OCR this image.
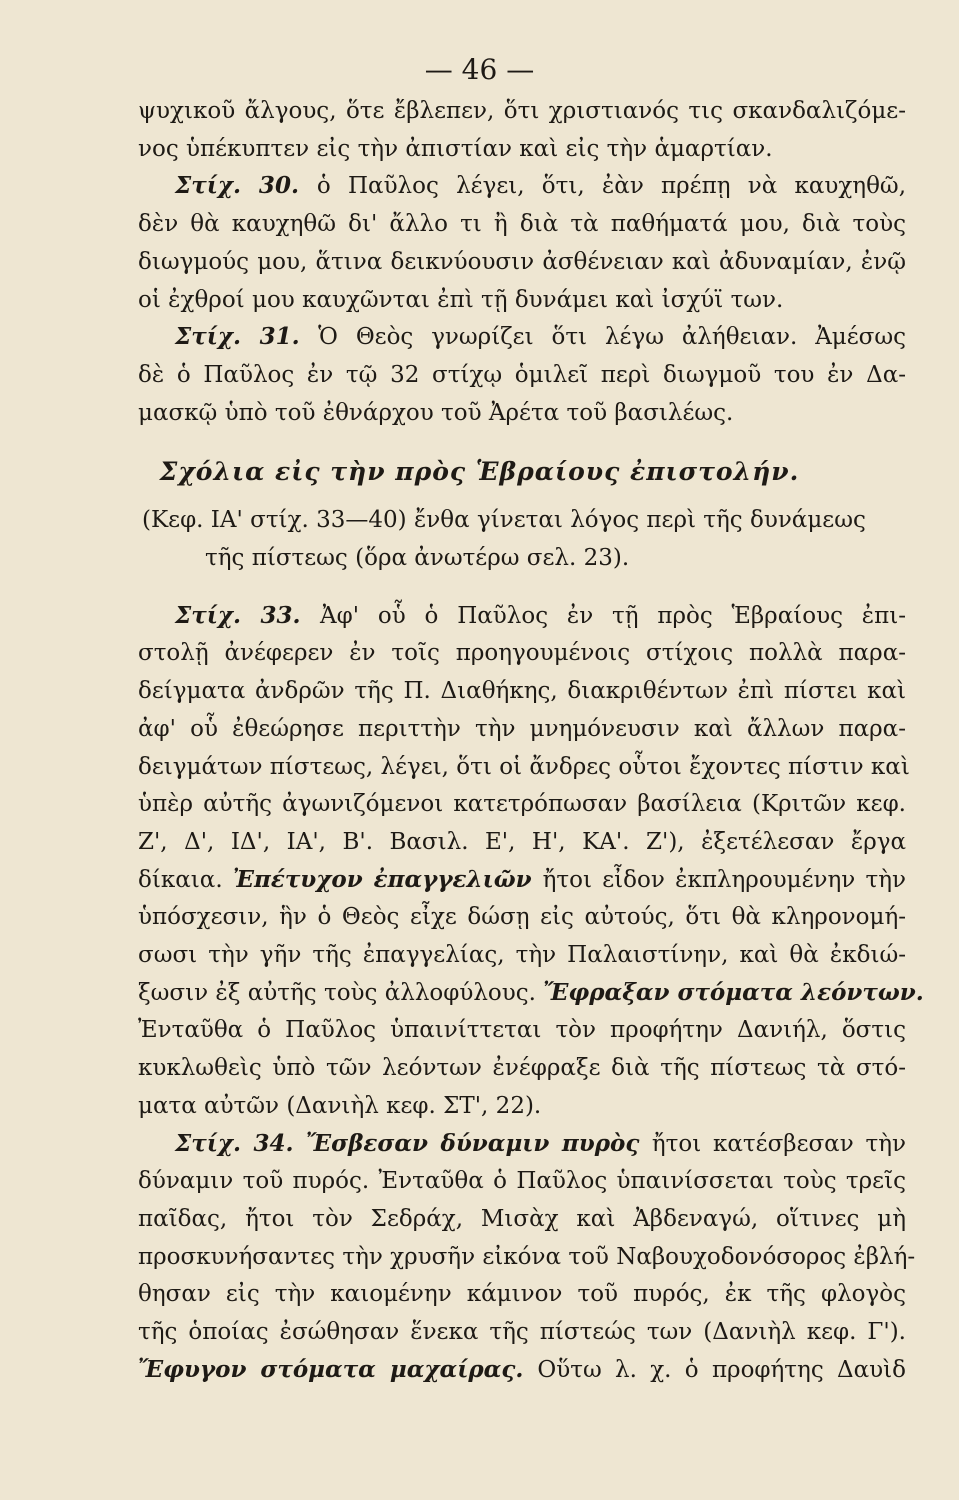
— 46 —
ψυχικοῦ ἄλγους, ὅτε ἔβλεπεν, ὅτι χριστιανός τις σκανδαλιζόμε-
νος ὑπέκυπτεν εἰς τὴν ἀπιστίαν καὶ εἰς τὴν ἁμαρτίαν.
Στίχ. 30. ὁ Παῦλος λέγει, ὅτι, ἐὰν πρέπῃ νὰ καυχηθῶ,
δὲν θὰ καυχηθῶ δι' ἄλλο τι ἢ διὰ τὰ παθήματά μου, διὰ τοὺς
διωγμούς μου, ἅτινα δεικνύουσιν ἀσθένειαν καὶ ἀδυναμίαν, ἐνῷ
οἱ ἐχθροί μου καυχῶνται ἐπὶ τῇ δυνάμει καὶ ἰσχύϊ των.
Στίχ. 31. Ὁ Θεὸς γνωρίζει ὅτι λέγω ἀλήθειαν. Ἀμέσως
δὲ ὁ Παῦλος ἐν τῷ 32 στίχῳ ὁμιλεῖ περὶ διωγμοῦ του ἐν Δα-
μασκῷ ὑπὸ τοῦ ἐθνάρχου τοῦ Ἀρέτα τοῦ βασιλέως.
Σχόλια εἰς τὴν πρὸς Ἑβραίους ἐπιστολήν.
(Κεφ. ΙΑ' στίχ. 33—40) ἔνθα γίνεται λόγος περὶ τῆς δυνάμεως
τῆς πίστεως (ὅρα ἀνωτέρω σελ. 23).
Στίχ. 33. Ἀφ' οὗ ὁ Παῦλος ἐν τῇ πρὸς Ἑβραίους ἐπι-
στολῇ ἀνέφερεν ἐν τοῖς προηγουμένοις στίχοις πολλὰ παρα-
δείγματα ἀνδρῶν τῆς Π. Διαθήκης, διακριθέντων ἐπὶ πίστει καὶ
ἀφ' οὗ ἐθεώρησε περιττὴν τὴν μνημόνευσιν καὶ ἄλλων παρα-
δειγμάτων πίστεως, λέγει, ὅτι οἱ ἄνδρες οὗτοι ἔχοντες πίστιν καὶ
ὑπὲρ αὐτῆς ἀγωνιζόμενοι κατετρόπωσαν βασίλεια (Κριτῶν κεφ.
Ζ', Δ', ΙΔ', ΙΑ', Β'. Βασιλ. Ε', Η', ΚΑ'. Ζ'), ἐξετέλεσαν ἔργα
δίκαια. Ἐπέτυχον ἐπαγγελιῶν ἤτοι εἶδον ἐκπληρουμένην τὴν
ὑπόσχεσιν, ἣν ὁ Θεὸς εἶχε δώσῃ εἰς αὐτούς, ὅτι θὰ κληρονομή-
σωσι τὴν γῆν τῆς ἐπαγγελίας, τὴν Παλαιστίνην, καὶ θὰ ἐκδιώ-
ξωσιν ἐξ αὐτῆς τοὺς ἀλλοφύλους. Ἔφραξαν στόματα λεόντων.
Ἐνταῦθα ὁ Παῦλος ὑπαινίττεται τὸν προφήτην Δανιήλ, ὅστις
κυκλωθεὶς ὑπὸ τῶν λεόντων ἐνέφραξε διὰ τῆς πίστεως τὰ στό-
ματα αὐτῶν (Δανιὴλ κεφ. ΣΤ', 22).
Στίχ. 34. Ἔσβεσαν δύναμιν πυρὸς ἤτοι κατέσβεσαν τὴν
δύναμιν τοῦ πυρός. Ἐνταῦθα ὁ Παῦλος ὑπαινίσσεται τοὺς τρεῖς
παῖδας, ἤτοι τὸν Σεδράχ, Μισὰχ καὶ Ἀβδεναγώ, οἵτινες μὴ
προσκυνήσαντες τὴν χρυσῆν εἰκόνα τοῦ Ναβουχοδονόσορος ἐβλή-
θησαν εἰς τὴν καιομένην κάμινον τοῦ πυρός, ἐκ τῆς φλογὸς
τῆς ὁποίας ἐσώθησαν ἕνεκα τῆς πίστεώς των (Δανιὴλ κεφ. Γ').
Ἔφυγον στόματα μαχαίρας. Οὕτω λ. χ. ὁ προφήτης Δαυὶδ
